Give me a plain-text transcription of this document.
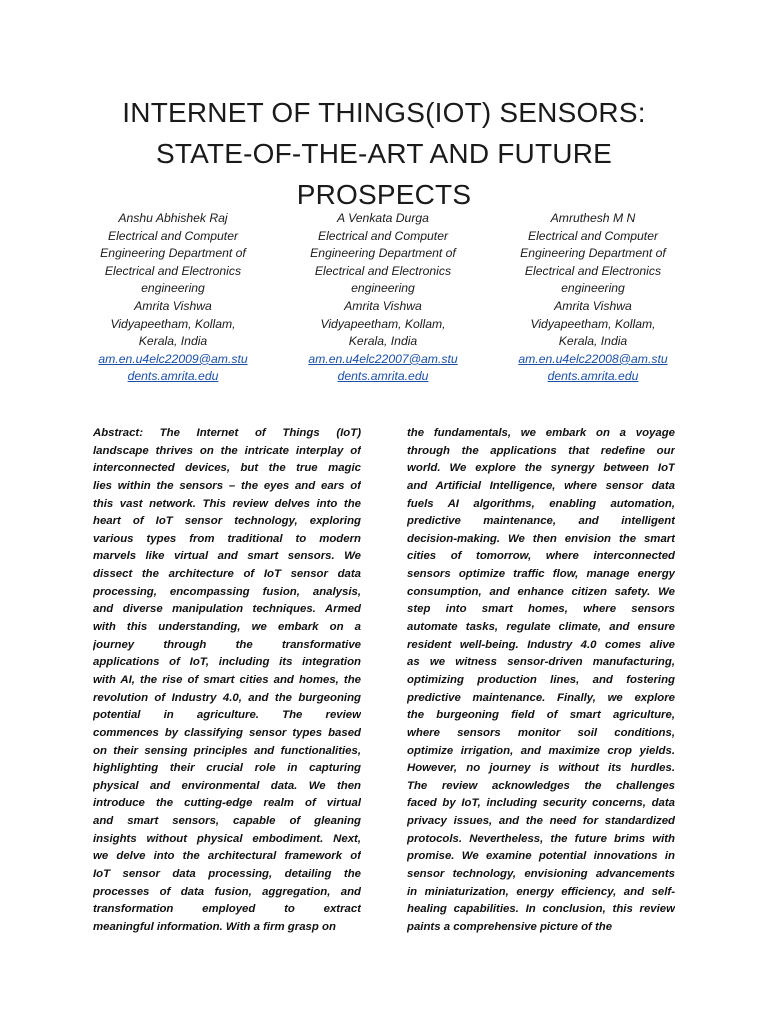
INTERNET OF THINGS(IOT) SENSORS:
STATE-OF-THE-ART AND FUTURE
PROSPECTS
Anshu Abhishek Raj
Electrical and Computer
Engineering Department of
Electrical and Electronics
engineering
Amrita Vishwa
Vidyapeetham, Kollam,
Kerala, India
am.en.u4elc22009@am.stu
dents.amrita.edu
A Venkata Durga
Electrical and Computer
Engineering Department of
Electrical and Electronics
engineering
Amrita Vishwa
Vidyapeetham, Kollam,
Kerala, India
am.en.u4elc22007@am.stu
dents.amrita.edu
Amruthesh M N
Electrical and Computer
Engineering Department of
Electrical and Electronics
engineering
Amrita Vishwa
Vidyapeetham, Kollam,
Kerala, India
am.en.u4elc22008@am.stu
dents.amrita.edu
Abstract: The Internet of Things (IoT)
landscape thrives on the intricate interplay of
interconnected devices, but the true magic
lies within the sensors – the eyes and ears of
this vast network. This review delves into the
heart of IoT sensor technology, exploring
various types from traditional to modern
marvels like virtual and smart sensors. We
dissect the architecture of IoT sensor data
processing, encompassing fusion, analysis,
and diverse manipulation techniques. Armed
with this understanding, we embark on a
journey through the transformative
applications of IoT, including its integration
with AI, the rise of smart cities and homes, the
revolution of Industry 4.0, and the burgeoning
potential in agriculture. The review
commences by classifying sensor types based
on their sensing principles and functionalities,
highlighting their crucial role in capturing
physical and environmental data. We then
introduce the cutting-edge realm of virtual
and smart sensors, capable of gleaning
insights without physical embodiment. Next,
we delve into the architectural framework of
IoT sensor data processing, detailing the
processes of data fusion, aggregation, and
transformation employed to extract
meaningful information. With a firm grasp on
the fundamentals, we embark on a voyage
through the applications that redefine our
world. We explore the synergy between IoT
and Artificial Intelligence, where sensor data
fuels AI algorithms, enabling automation,
predictive maintenance, and intelligent
decision-making. We then envision the smart
cities of tomorrow, where interconnected
sensors optimize traffic flow, manage energy
consumption, and enhance citizen safety. We
step into smart homes, where sensors
automate tasks, regulate climate, and ensure
resident well-being. Industry 4.0 comes alive
as we witness sensor-driven manufacturing,
optimizing production lines, and fostering
predictive maintenance. Finally, we explore
the burgeoning field of smart agriculture,
where sensors monitor soil conditions,
optimize irrigation, and maximize crop yields.
However, no journey is without its hurdles.
The review acknowledges the challenges
faced by IoT, including security concerns, data
privacy issues, and the need for standardized
protocols. Nevertheless, the future brims with
promise. We examine potential innovations in
sensor technology, envisioning advancements
in miniaturization, energy efficiency, and self-
healing capabilities. In conclusion, this review
paints a comprehensive picture of the
